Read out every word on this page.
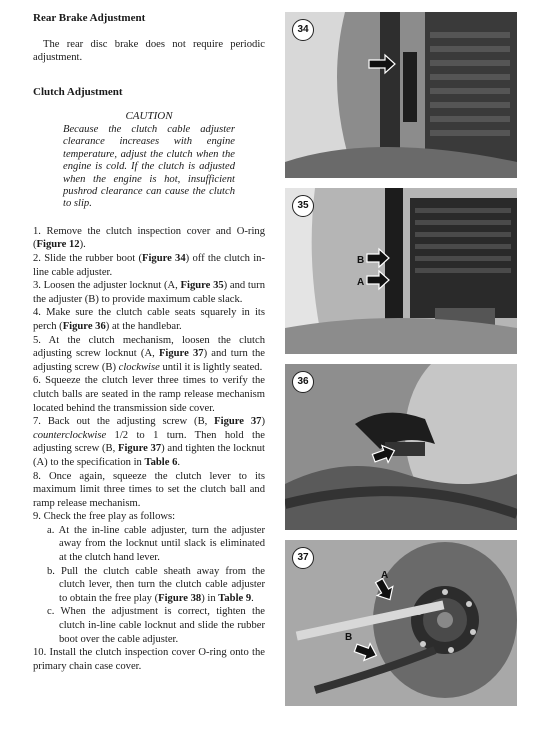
Rear Brake Adjustment

The rear disc brake does not require periodic adjustment.

Clutch Adjustment

CAUTION

Because the clutch cable adjuster clearance increases with engine temperature, adjust the clutch when the engine is cold. If the clutch is adjusted when the engine is hot, insufficient pushrod clearance can cause the clutch to slip.

1. Remove the clutch inspection cover and O-ring (Figure 12).

2. Slide the rubber boot (Figure 34) off the clutch in-line cable adjuster.

3. Loosen the adjuster locknut (A, Figure 35) and turn the adjuster (B) to provide maximum cable slack.

4. Make sure the clutch cable seats squarely in its perch (Figure 36) at the handlebar.

5. At the clutch mechanism, loosen the clutch adjusting screw locknut (A, Figure 37) and turn the adjusting screw (B) clockwise until it is lightly seated.

6. Squeeze the clutch lever three times to verify the clutch balls are seated in the ramp release mechanism located behind the transmission side cover.

7. Back out the adjusting screw (B, Figure 37) counterclockwise 1/2 to 1 turn. Then hold the adjusting screw (B, Figure 37) and tighten the locknut (A) to the specification in Table 6.

8. Once again, squeeze the clutch lever to its maximum limit three times to set the clutch ball and ramp release mechanism.

9. Check the free play as follows:

a. At the in-line cable adjuster, turn the adjuster away from the locknut until slack is eliminated at the clutch hand lever.

b. Pull the clutch cable sheath away from the clutch lever, then turn the clutch cable adjuster to obtain the free play (Figure 38) in Table 9.

c. When the adjustment is correct, tighten the clutch in-line cable locknut and slide the rubber boot over the cable adjuster.

10. Install the clutch inspection cover O-ring onto the primary chain case cover.

34
B
A
35
36
A
B
37
